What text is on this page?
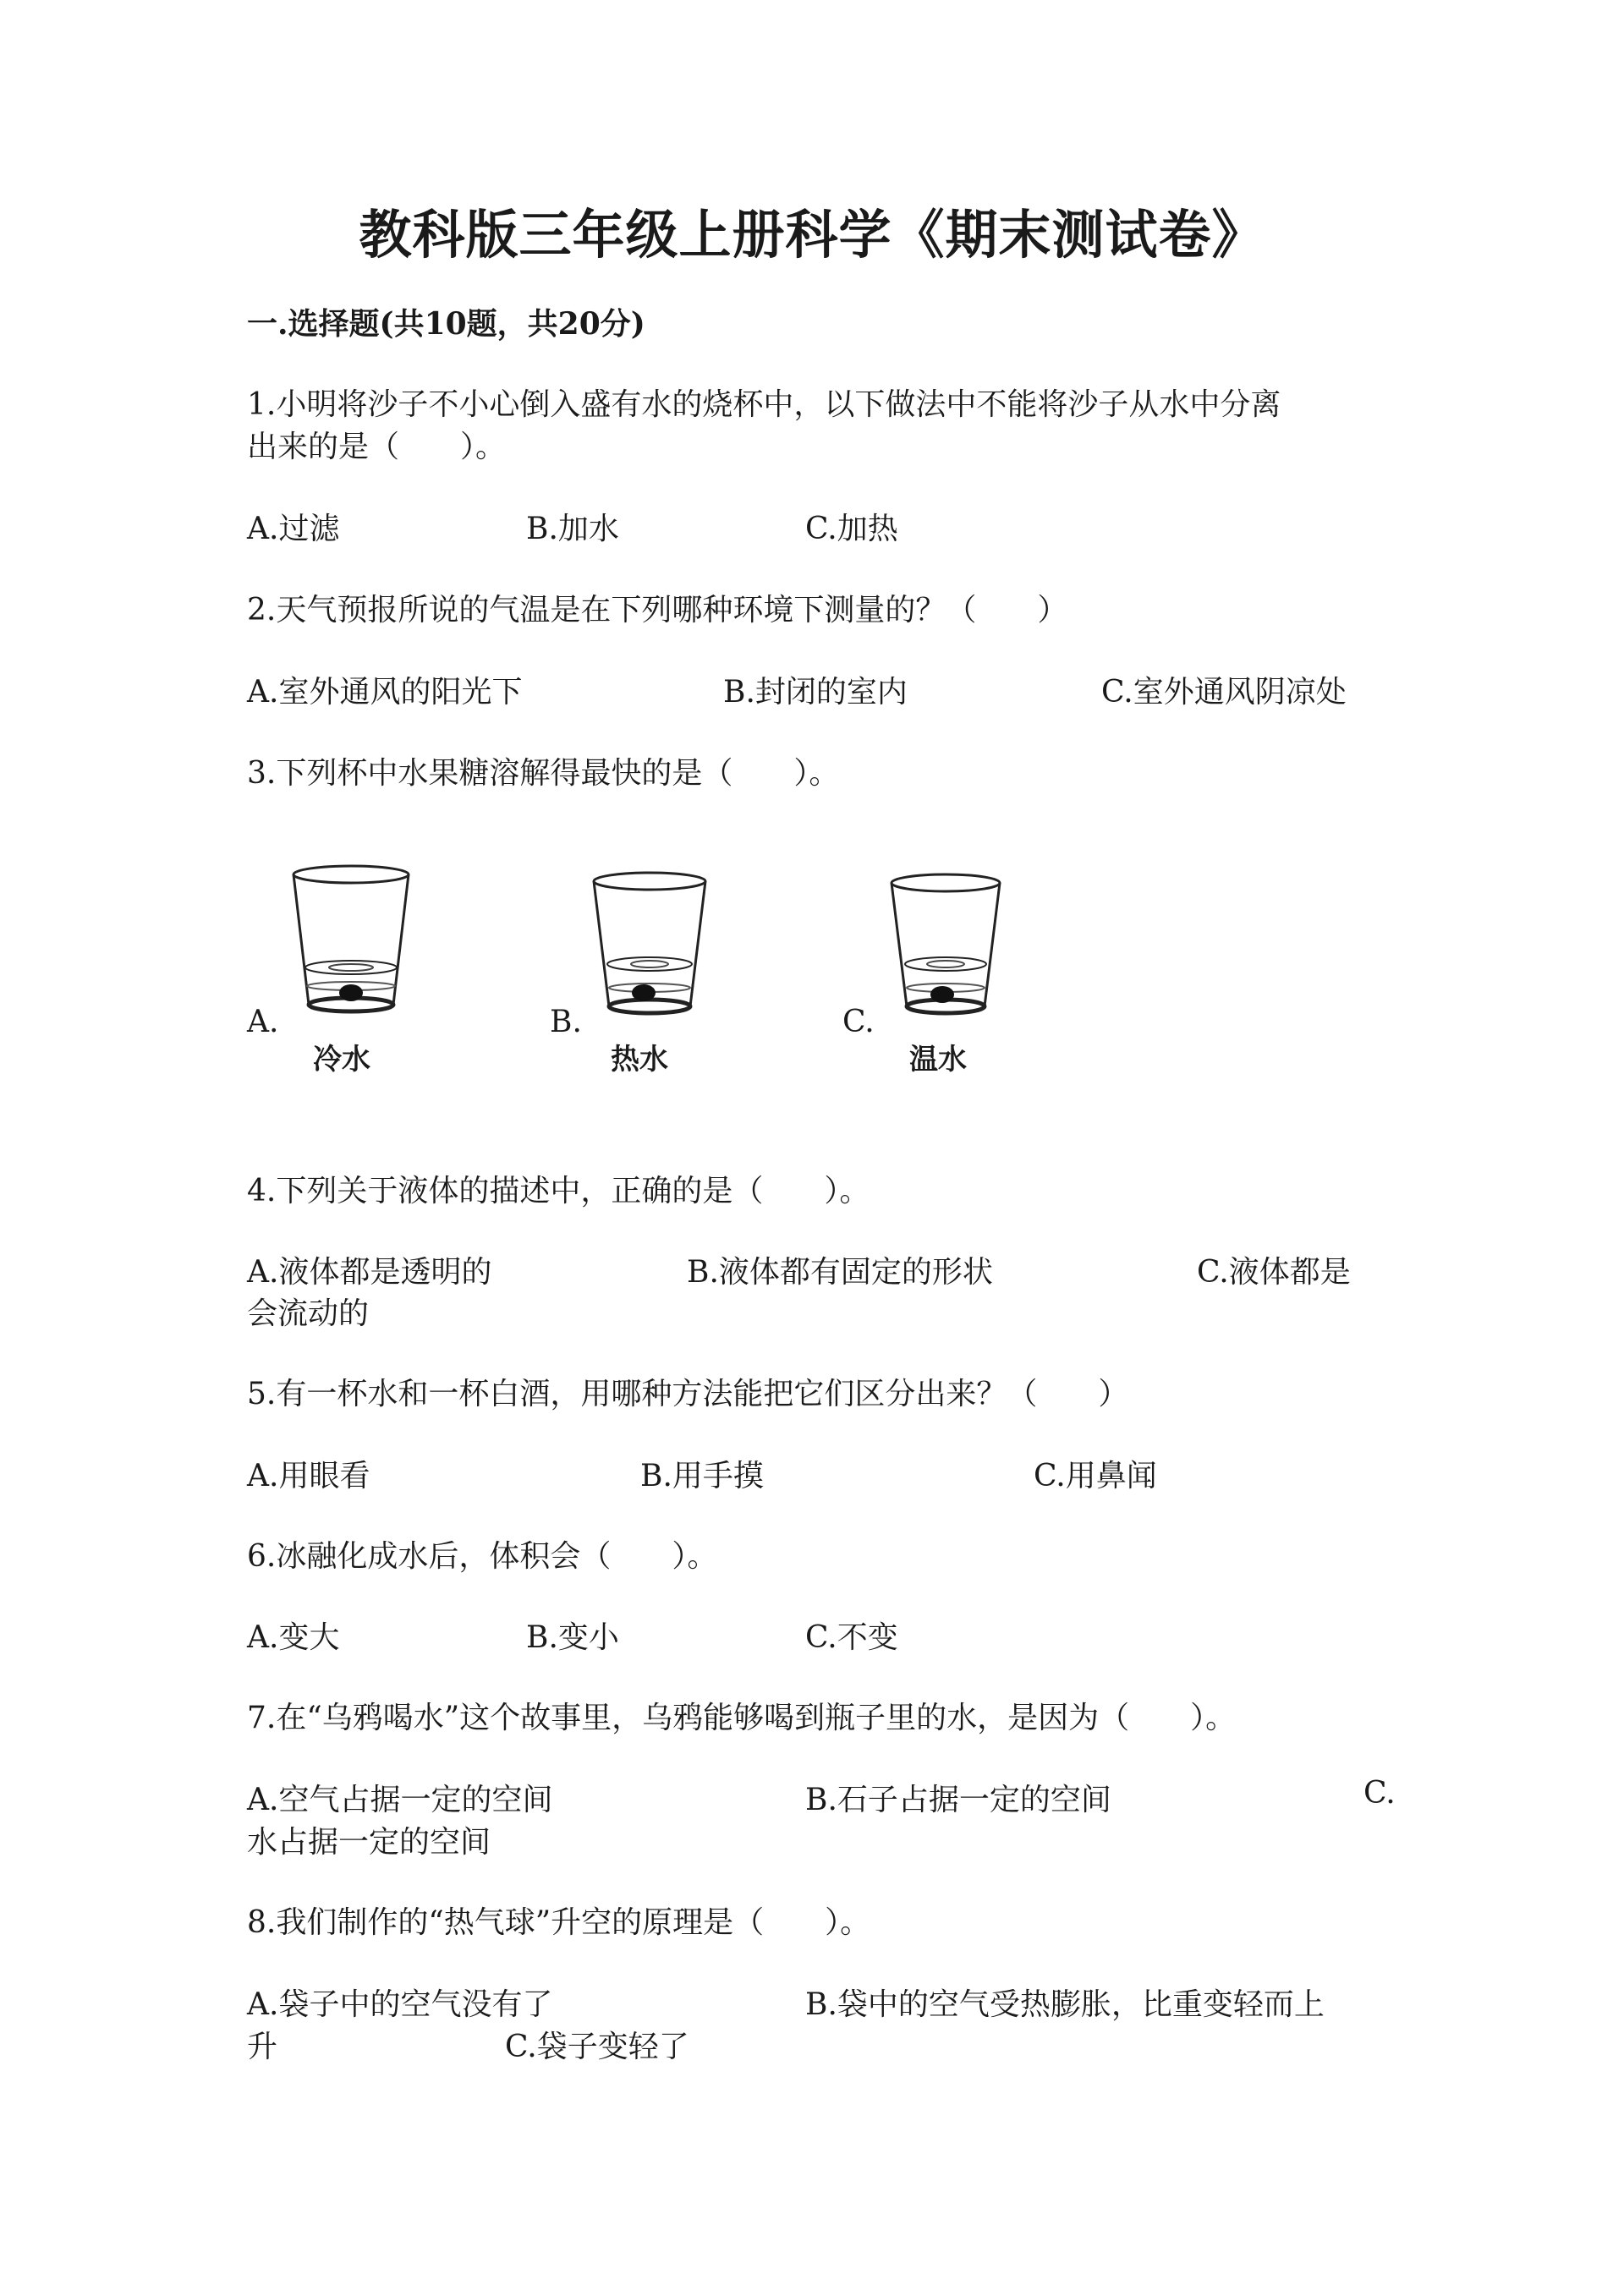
教科版三年级上册科学《期末测试卷》
一.选择题(共10题，共20分)
1.小明将沙子不小心倒入盛有水的烧杯中，以下做法中不能将沙子从水中分离
出来的是（　　）。
A.过滤	B.加水	C.加热
2.天气预报所说的气温是在下列哪种环境下测量的？（　　）
A.室外通风的阳光下	B.封闭的室内	C.室外通风阴凉处
3.下列杯中水果糖溶解得最快的是（　　）。
A.	B.	C.
冷水	热水	温水
4.下列关于液体的描述中，正确的是（　　）。
A.液体都是透明的	B.液体都有固定的形状	C.液体都是
会流动的
5.有一杯水和一杯白酒，用哪种方法能把它们区分出来？（　　）
A.用眼看	B.用手摸	C.用鼻闻
6.冰融化成水后，体积会（　　）。
A.变大	B.变小	C.不变
7.在“乌鸦喝水”这个故事里，乌鸦能够喝到瓶子里的水，是因为（　　）。
A.空气占据一定的空间	B.石子占据一定的空间	C.
水占据一定的空间
8.我们制作的“热气球”升空的原理是（　　）。
A.袋子中的空气没有了	B.袋中的空气受热膨胀，比重变轻而上
升	C.袋子变轻了
